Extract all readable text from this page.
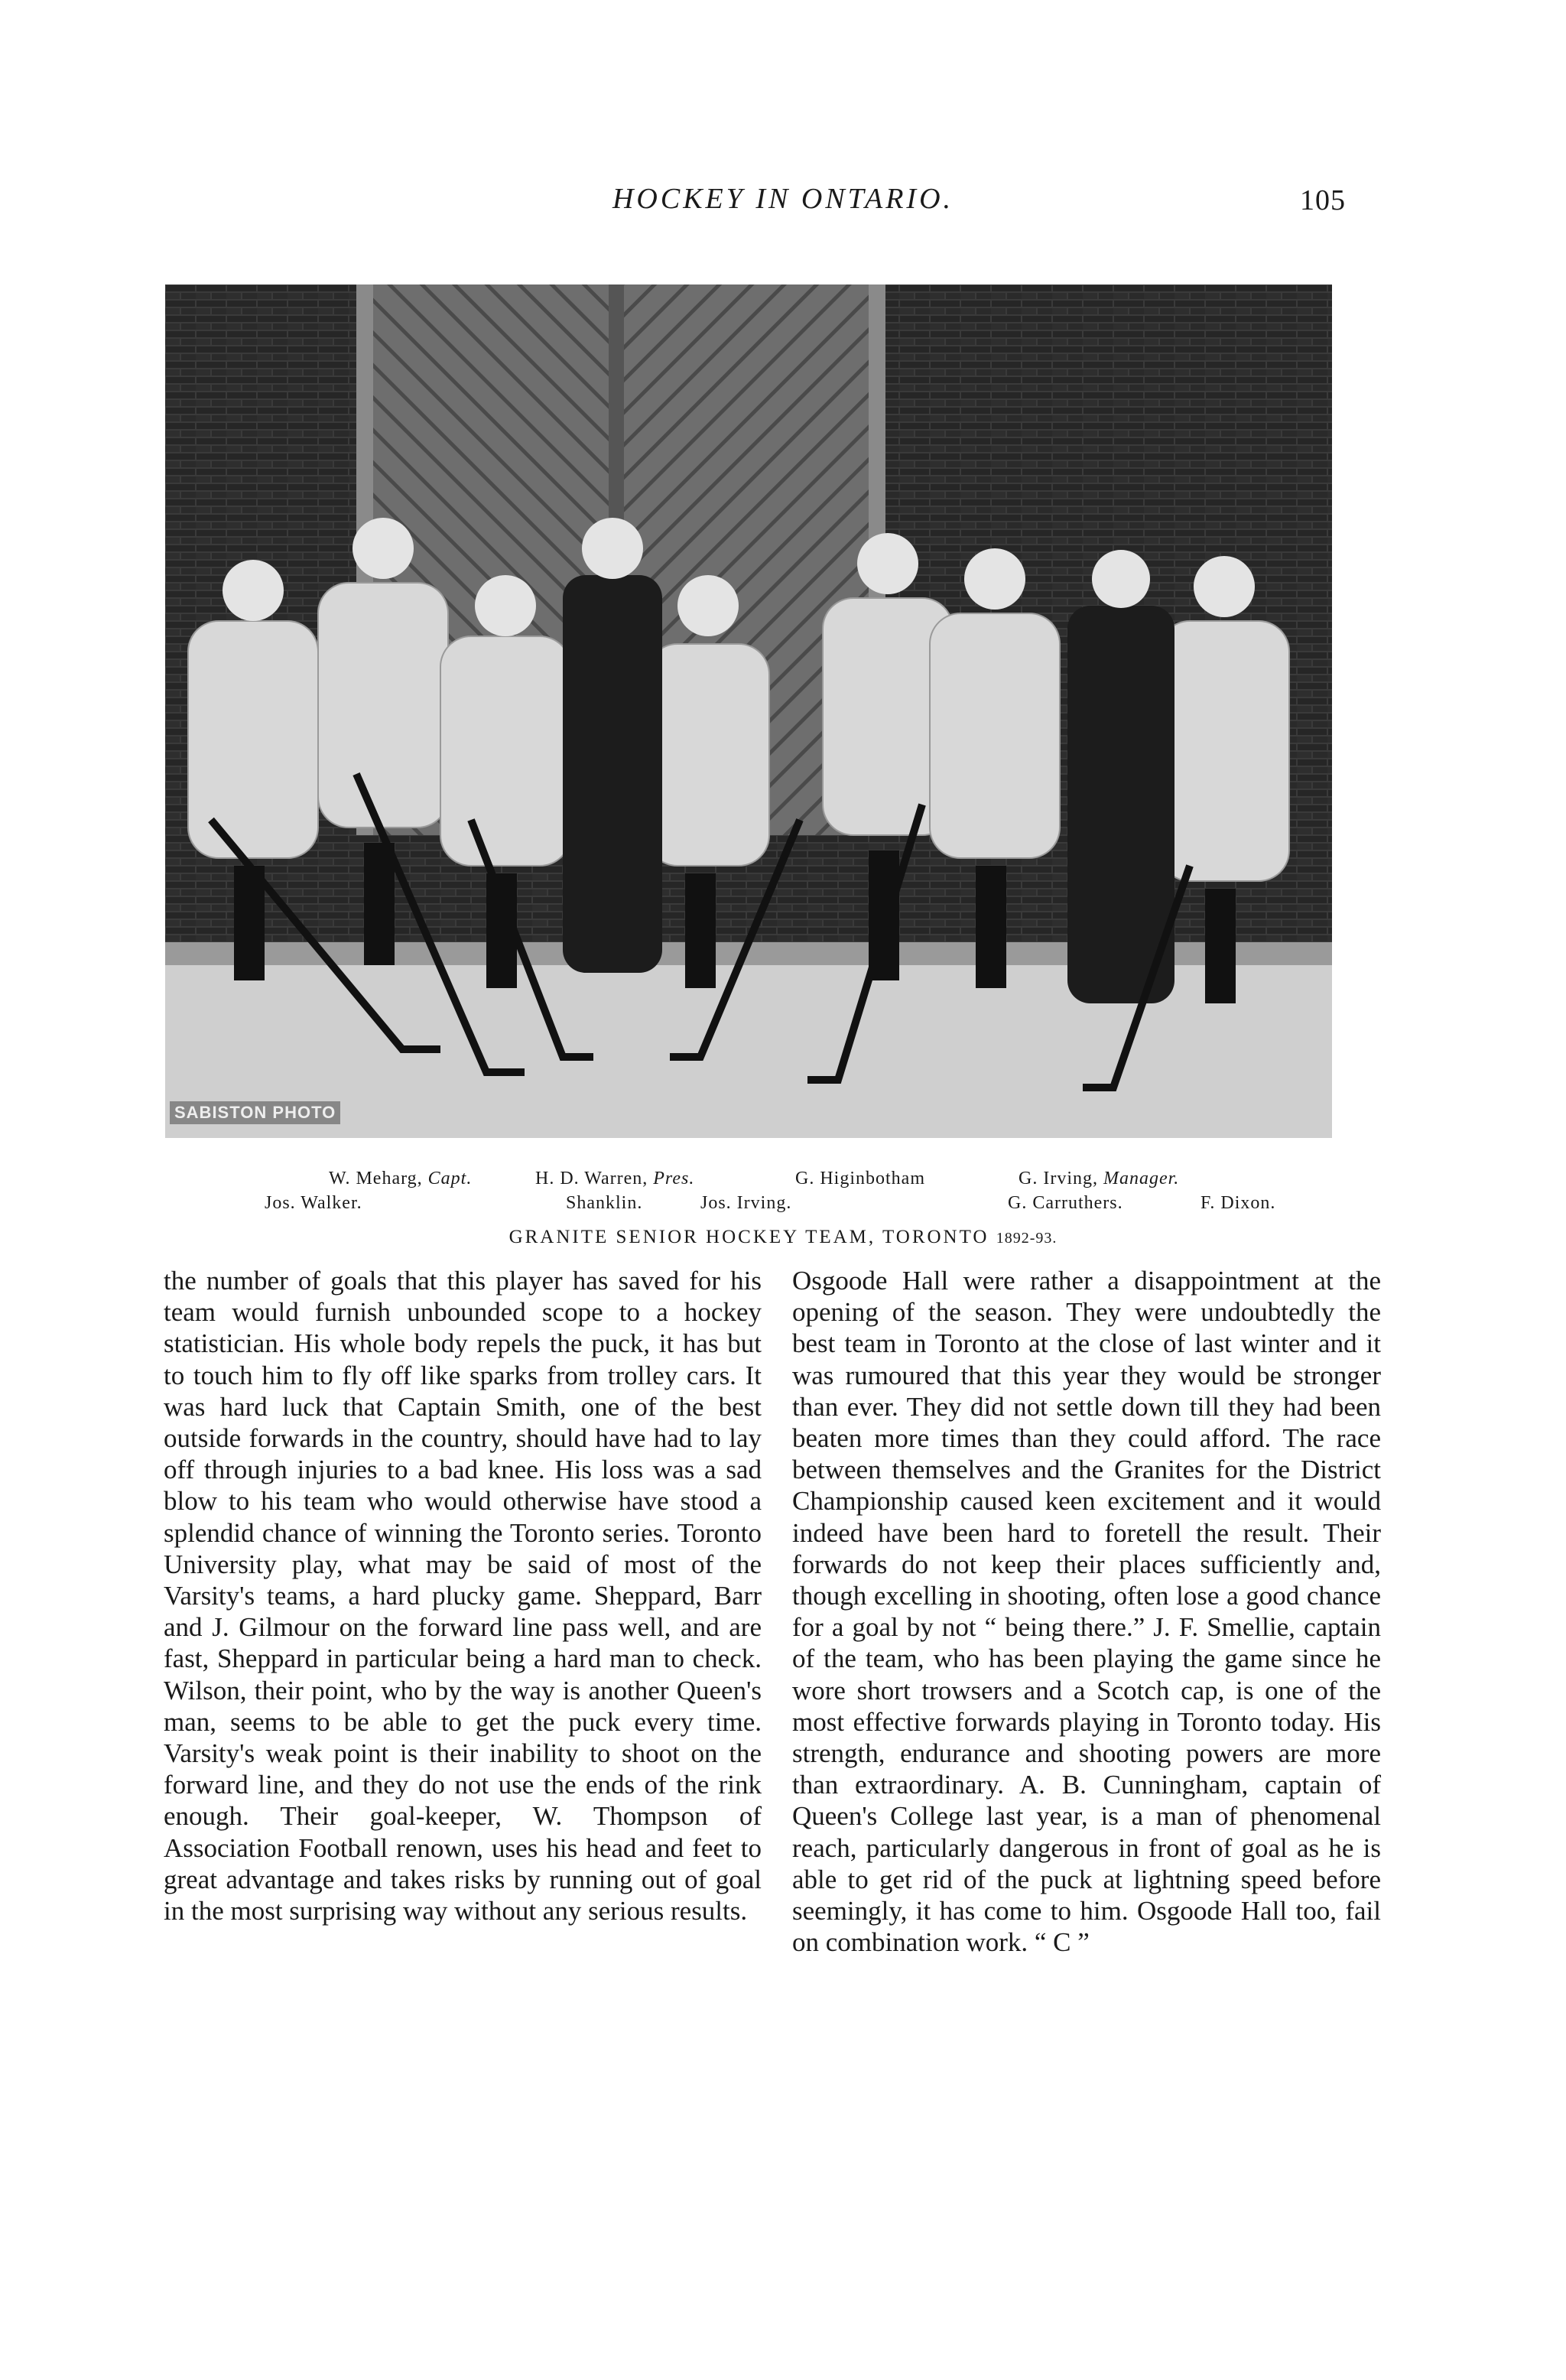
HOCKEY IN ONTARIO.	105
SABISTON PHOTO
W. Meharg, Capt.	H. D. Warren, Pres.	G. Higinbotham	G. Irving, Manager.
Jos. Walker.	Shanklin.	Jos. Irving.	G. Carruthers.	F. Dixon.
GRANITE SENIOR HOCKEY TEAM, TORONTO 1892-93.

the number of goals that this player has saved for his team would furnish unbounded scope to a hockey statistician. His whole body repels the puck, it has but to touch him to fly off like sparks from trolley cars. It was hard luck that Captain Smith, one of the best outside forwards in the country, should have had to lay off through injuries to a bad knee. His loss was a sad blow to his team who would otherwise have stood a splendid chance of winning the Toronto series. Toronto University play, what may be said of most of the Varsity's teams, a hard plucky game. Sheppard, Barr and J. Gilmour on the forward line pass well, and are fast, Sheppard in particular being a hard man to check. Wilson, their point, who by the way is another Queen's man, seems to be able to get the puck every time. Varsity's weak point is their inability to shoot on the forward line, and they do not use the ends of the rink enough. Their goal-keeper, W. Thompson of Association Football renown, uses his head and feet to great advantage and takes risks by running out of goal in the most surprising way without any serious results.

Osgoode Hall were rather a disappointment at the opening of the season. They were undoubtedly the best team in Toronto at the close of last winter and it was rumoured that this year they would be stronger than ever. They did not settle down till they had been beaten more times than they could afford. The race between themselves and the Granites for the District Championship caused keen excitement and it would indeed have been hard to foretell the result. Their forwards do not keep their places sufficiently and, though excelling in shooting, often lose a good chance for a goal by not “ being there.” J. F. Smellie, captain of the team, who has been playing the game since he wore short trowsers and a Scotch cap, is one of the most effective forwards playing in Toronto today. His strength, endurance and shooting powers are more than extraordinary. A. B. Cunningham, captain of Queen's College last year, is a man of phenomenal reach, particularly dangerous in front of goal as he is able to get rid of the puck at lightning speed before seemingly, it has come to him. Osgoode Hall too, fail on combination work. “ C ”
